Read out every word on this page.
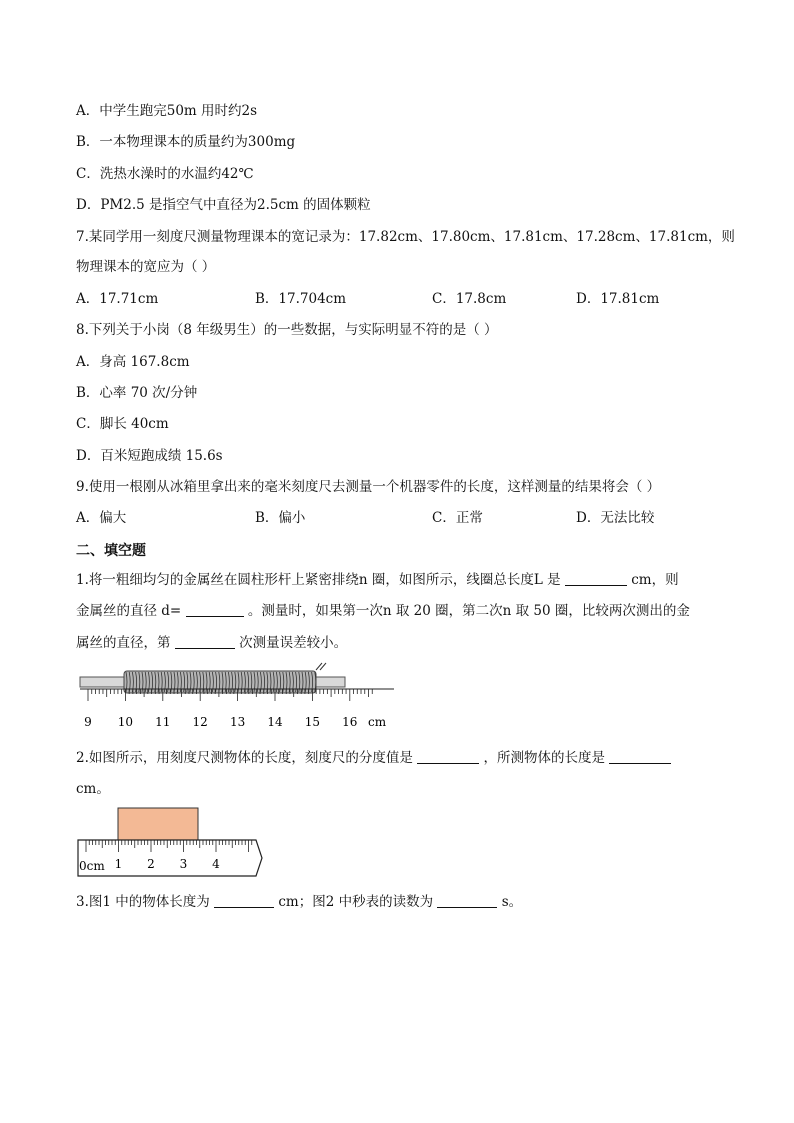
A．中学生跑完50m 用时约2s
B．一本物理课本的质量约为300mg
C．洗热水澡时的水温约42℃
D．PM2.5 是指空气中直径为2.5cm 的固体颗粒
7.某同学用一刻度尺测量物理课本的宽记录为：17.82cm、17.80cm、17.81cm、17.28cm、17.81cm，则
物理课本的宽应为（ ）
A．17.71cm	B．17.704cm	C．17.8cm	D．17.81cm
8.下列关于小岗（8 年级男生）的一些数据，与实际明显不符的是（ ）
A．身高 167.8cm
B．心率 70 次/分钟
C．脚长 40cm
D．百米短跑成绩 15.6s
9.使用一根刚从冰箱里拿出来的毫米刻度尺去测量一个机器零件的长度，这样测量的结果将会（ ）
A．偏大	B．偏小	C．正常	D．无法比较
二、填空题
1.将一粗细均匀的金属丝在圆柱形杆上紧密排绕n 圈，如图所示，线圈总长度L 是	cm，则
金属丝的直径 d=	。测量时，如果第一次n 取 20 圈，第二次n 取 50 圈，比较两次测出的金
属丝的直径，第	次测量误差较小。
9 10 11 12 13 14 15 16 cm
2.如图所示，用刻度尺测物体的长度，刻度尺的分度值是	，所测物体的长度是
cm。
0cm 1 2 3 4
3.图1 中的物体长度为	cm；图2 中秒表的读数为	s。
